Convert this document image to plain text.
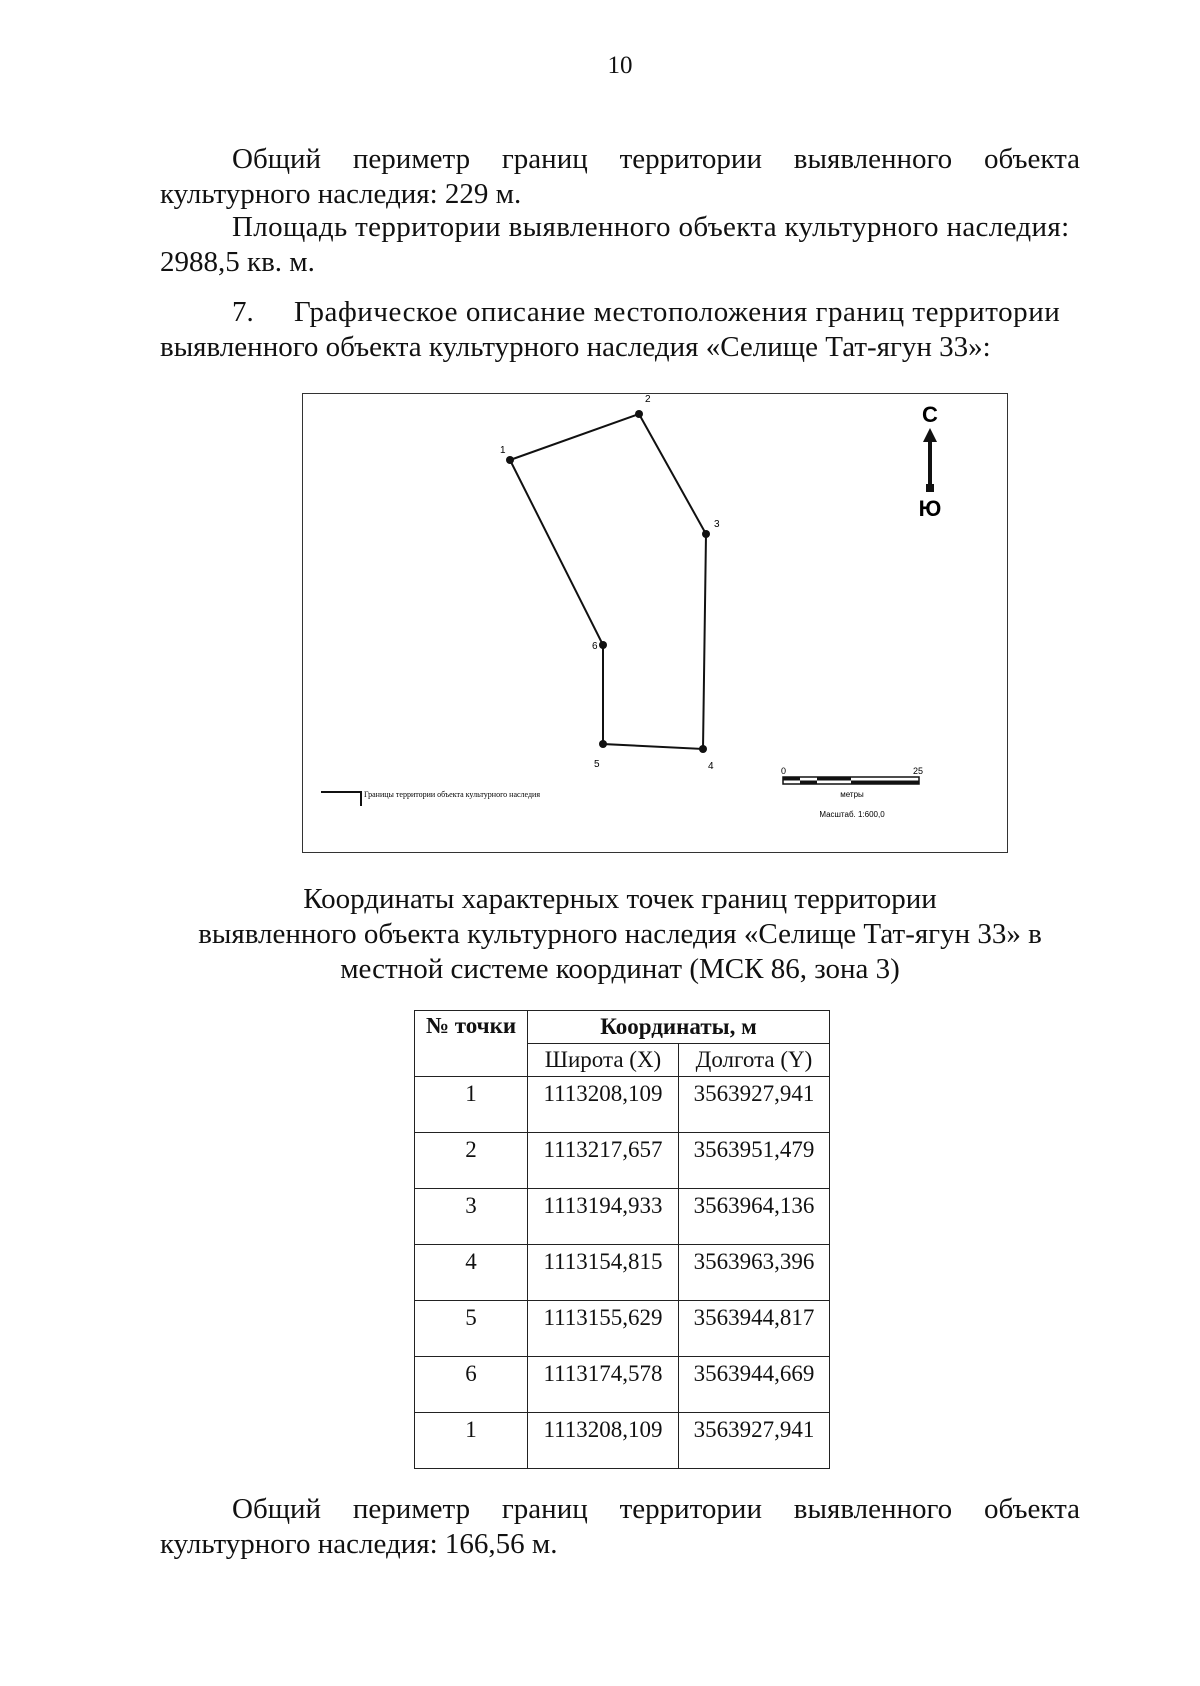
10
Общий периметр границ территории выявленного объекта
культурного наследия: 229 м.
Площадь территории выявленного объекта культурного наследия:
2988,5 кв. м.
7. Графическое описание местоположения границ территории
выявленного объекта культурного наследия «Селище Тат-ягун 33»:
1
2
3
4
5
6
С
Ю
Границы территории объекта культурного наследия
0	25
метры
Масштаб. 1:600,0
Координаты характерных точек границ территории
выявленного объекта культурного наследия «Селище Тат-ягун 33» в
местной системе координат (МСК 86, зона 3)
№ точки	Координаты, м	
	Широта (X)	Долгота (Y)
1	1113208,109	3563927,941
2	1113217,657	3563951,479
3	1113194,933	3563964,136
4	1113154,815	3563963,396
5	1113155,629	3563944,817
6	1113174,578	3563944,669
1	1113208,109	3563927,941
Общий периметр границ территории выявленного объекта
культурного наследия: 166,56 м.
